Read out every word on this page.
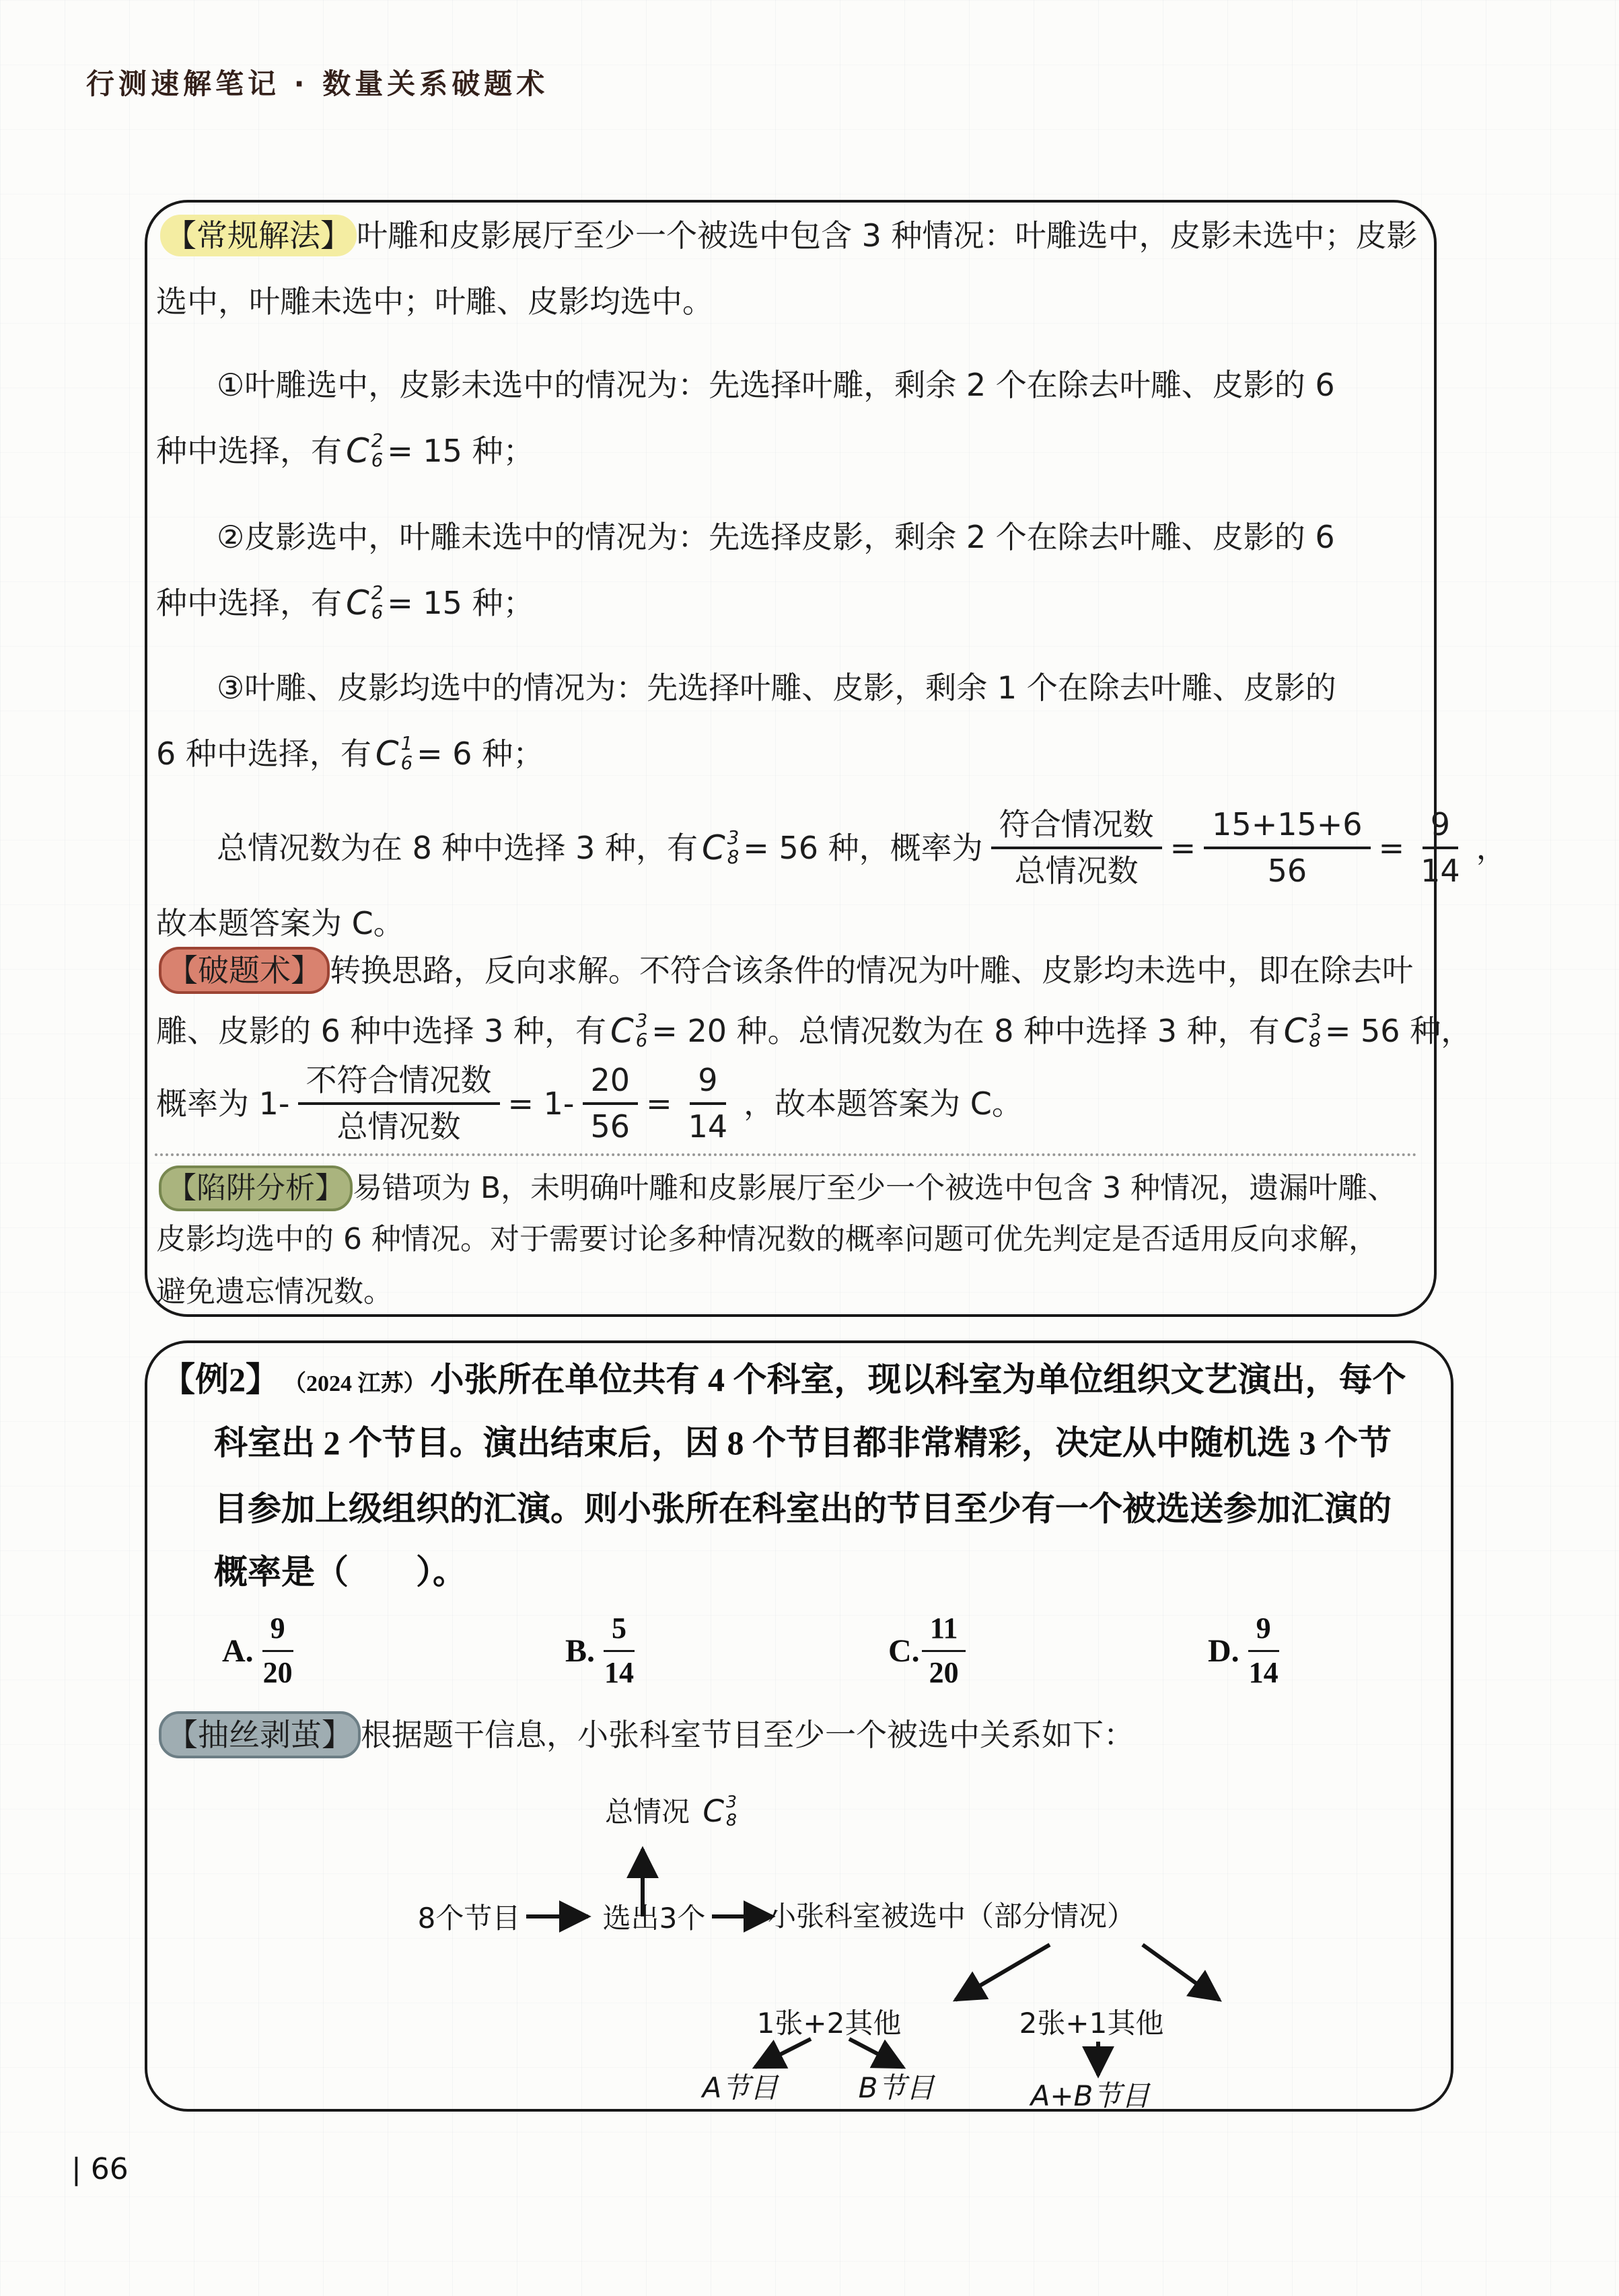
行测速解笔记 · 数量关系破题术
【常规解法】 叶雕和皮影展厅至少一个被选中包含 3 种情况：叶雕选中，皮影未选中；皮影
选中，叶雕未选中；叶雕、皮影均选中。
①叶雕选中，皮影未选中的情况为：先选择叶雕，剩余 2 个在除去叶雕、皮影的 6
种中选择，有 C 2
6 = 15 种；
②皮影选中，叶雕未选中的情况为：先选择皮影，剩余 2 个在除去叶雕、皮影的 6
种中选择，有 C 2
6 = 15 种；
③叶雕、皮影均选中的情况为：先选择叶雕、皮影，剩余 1 个在除去叶雕、皮影的
6 种中选择，有 C 1
6 = 6 种；
总情况数为在 8 种中选择 3 种，有 C 3
8 = 56 种，概率为 $\frac{\text{符合情况数}}{\text{总情况数}} = \frac{15+15+6}{56} = \frac{9}{14}$ ，
故本题答案为 C。
【破题术】 转换思路，反向求解。不符合该条件的情况为叶雕、皮影均未选中，即在除去叶
雕、皮影的 6 种中选择 3 种，有 C 3
6 = 20 种。总情况数为在 8 种中选择 3 种，有 C 3
8 = 56 种，
概率为 $1- \frac{\text{不符合情况数}}{\text{总情况数}} = 1- \frac{20}{56} = \frac{9}{14}$ ，故本题答案为 C。
【陷阱分析】 易错项为 B，未明确叶雕和皮影展厅至少一个被选中包含 3 种情况，遗漏叶雕、
皮影均选中的 6 种情况。对于需要讨论多种情况数的概率问题可优先判定是否适用反向求解，
避免遗忘情况数。
【例2】 （2024 江苏） 小张所在单位共有 4 个科室，现以科室为单位组织文艺演出，每个
科室出 2 个节目。演出结束后，因 8 个节目都非常精彩，决定从中随机选 3 个节
目参加上级组织的汇演。则小张所在科室出的节目至少有一个被选送参加汇演的
概率是（　　）。
A. $\frac{9}{20}$	B. $\frac{5}{14}$	C. $\frac{11}{20}$	D. $\frac{9}{14}$
【抽丝剥茧】 根据题干信息，小张科室节目至少一个被选中关系如下：
总情况 C 3
8
8个节目	选出3个 小张科室被选中（部分情况）
1张+2其他	2张+1其他
A节目	B节目	A+B节目
| 66
